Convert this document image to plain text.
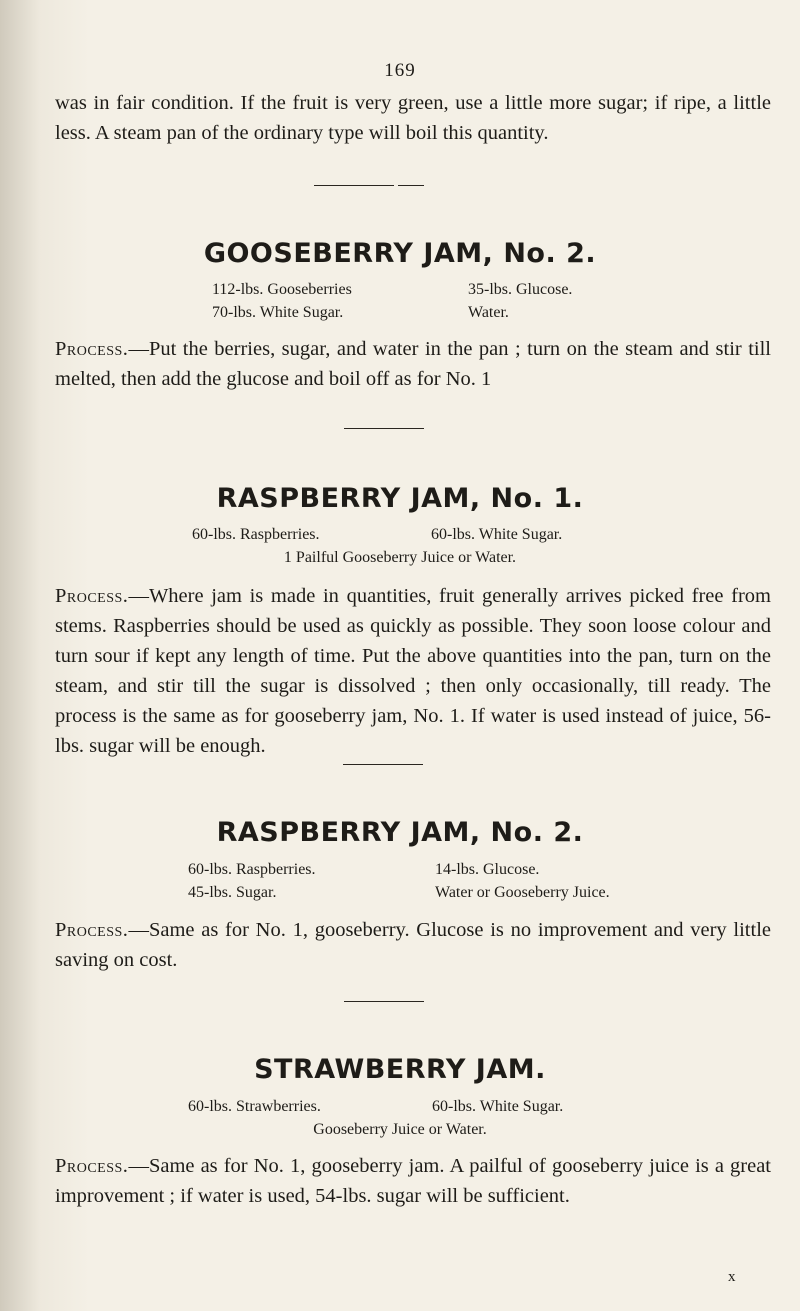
169

was in fair condition. If the fruit is very green, use a little more sugar; if ripe, a little less. A steam pan of the ordinary type will boil this quantity.

GOOSEBERRY JAM, No. 2.
112-lbs. Gooseberries	35-lbs. Glucose.
70-lbs. White Sugar.	Water.

Process.—Put the berries, sugar, and water in the pan ; turn on the steam and stir till melted, then add the glucose and boil off as for No. 1

RASPBERRY JAM, No. 1.
60-lbs. Raspberries.	60-lbs. White Sugar.
1 Pailful Gooseberry Juice or Water.

Process.—Where jam is made in quantities, fruit generally arrives picked free from stems. Raspberries should be used as quickly as possible. They soon loose colour and turn sour if kept any length of time. Put the above quantities into the pan, turn on the steam, and stir till the sugar is dissolved ; then only occasionally, till ready. The process is the same as for gooseberry jam, No. 1. If water is used instead of juice, 56-lbs. sugar will be enough.

RASPBERRY JAM, No. 2.
60-lbs. Raspberries.	14-lbs. Glucose.
45-lbs. Sugar.	Water or Gooseberry Juice.

Process.—Same as for No. 1, gooseberry. Glucose is no improvement and very little saving on cost.

STRAWBERRY JAM.
60-lbs. Strawberries.	60-lbs. White Sugar.
Gooseberry Juice or Water.

Process.—Same as for No. 1, gooseberry jam. A pailful of gooseberry juice is a great improvement ; if water is used, 54-lbs. sugar will be sufficient.

x
